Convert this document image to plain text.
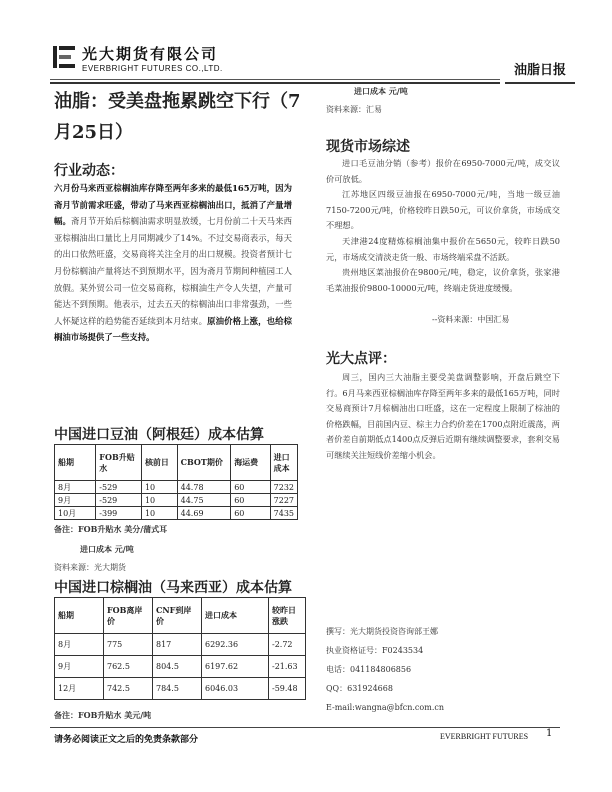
光大期货有限公司
EVERBRIGHT FUTURES CO.,LTD.	油脂日报
油脂：受美盘拖累跳空下行（7月25日）
行业动态：
六月份马来西亚棕榈油库存降至两年多来的最低165万吨，因为斋月节前需求旺盛，带动了马来西亚棕榈油出口，抵消了产量增幅。斋月节开始后棕榈油需求明显放缓，七月份前二十天马来西亚棕榈油出口量比上月同期减少了14%。不过交易商表示，每天的出口依然旺盛，交易商将关注全月的出口规模。投资者预计七月份棕榈油产量将达不到预期水平，因为斋月节期间种植园工人放假。某外贸公司一位交易商称，棕榈油生产令人失望，产量可能达不到预期。他表示，过去五天的棕榈油出口非常强劲，一些人怀疑这样的趋势能否延续到本月结束。原油价格上涨，也给棕榈油市场提供了一些支持。
中国进口豆油（阿根廷）成本估算
船期	FOB升贴水	核前日	CBOT期价	海运费	进口成本
8月	-529	10	44.78	60	7232
9月	-529	10	44.75	60	7227
10月	-399	10	44.69	60	7435
备注：FOB升贴水 美分/蒲式耳
进口成本 元/吨
资料来源：光大期货
中国进口棕榈油（马来西亚）成本估算
船期	FOB离岸价	CNF到岸价	进口成本	较昨日涨跌
8月	775	817	6292.36	-2.72
9月	762.5	804.5	6197.62	-21.63
12月	742.5	784.5	6046.03	-59.48
备注：FOB升贴水 美元/吨
进口成本 元/吨
资料来源：汇易
现货市场综述
进口毛豆油分销（参考）报价在6950-7000元/吨，成交议价可放低。
江苏地区四级豆油报在6950-7000元/吨，当地一级豆油7150-7200元/吨，价格较昨日跌50元，可议价拿货，市场成交不理想。
天津港24度精炼棕榈油集中报价在5650元，较昨日跌50元，市场成交清淡走货一般、市场终端采盘不活跃。
贵州地区菜油报价在9800元/吨，稳定，议价拿货，张家港毛菜油报价9800-10000元/吨，终端走货进度缓慢。
--资料来源：中国汇易
光大点评：
周三，国内三大油脂主要受美盘调整影响，开盘后跳空下行。6月马来西亚棕榈油库存降至两年多来的最低165万吨，同时交易商预计7月棕榈油出口旺盛，这在一定程度上限制了棕油的价格跌幅，目前国内豆、棕主力合约价差在1700点附近震荡，两者价差自前期低点1400点反弹后近期有继续调整要求，套利交易可继续关注短线价差缩小机会。
撰写：光大期货投资咨询部王娜
执业资格证号：F0243534
电话：041184806856
QQ：631924668
E-mail:wangna@bfcn.com.cn
请务必阅读正文之后的免责条款部分	EVERBRIGHT FUTURES 1
